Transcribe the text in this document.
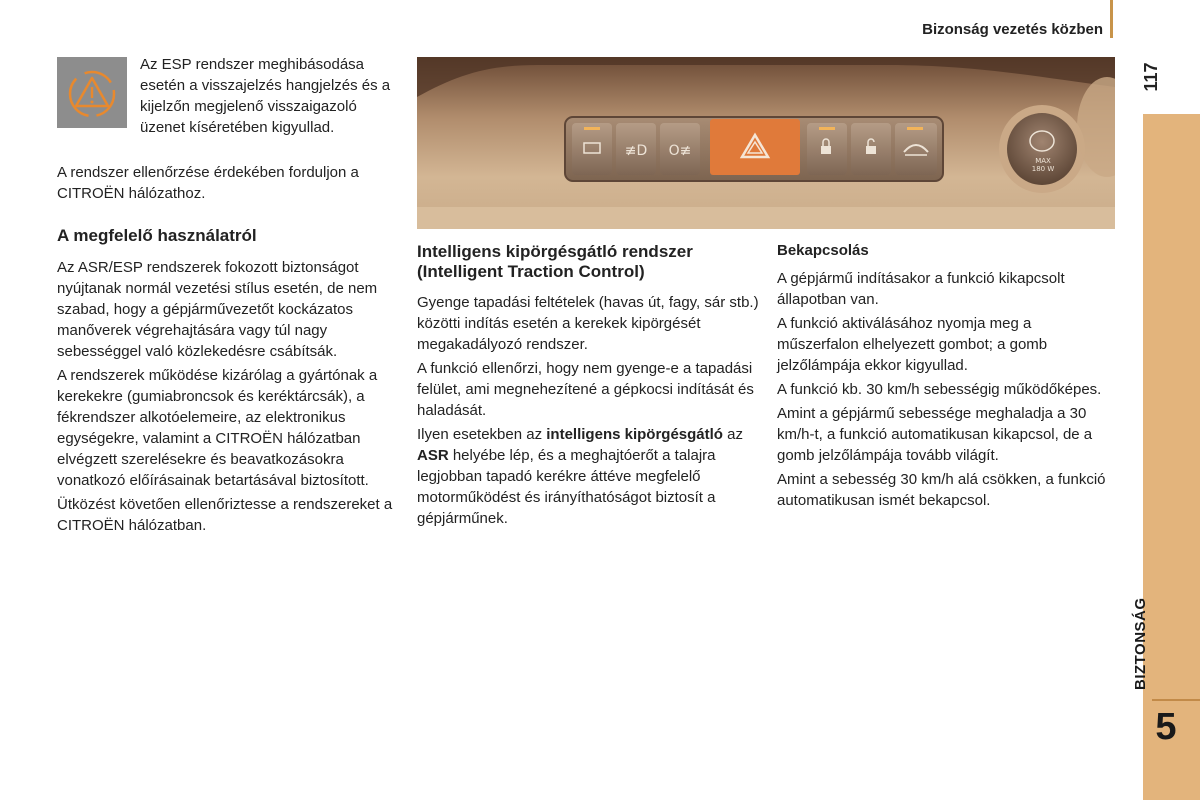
Bizonság vezetés közben
117
BIZTONSÁG
5
Az ESP rendszer meghibásodása esetén a visszajelzés hangjelzés és a kijelzőn megjelenő visszaigazoló üzenet kíséretében kigyullad.
A rendszer ellenőrzése érdekében forduljon a CITROËN hálózathoz.
A megfelelő használatról

Az ASR/ESP rendszerek fokozott biztonságot nyújtanak normál vezetési stílus esetén, de nem szabad, hogy a gépjárművezetőt kockázatos manőverek végrehajtására vagy túl nagy sebességgel való közlekedésre csábítsák.

A rendszerek működése kizárólag a gyártónak a kerekekre (gumiabroncsok és keréktárcsák), a fékrendszer alkotóelemeire, az elektronikus egységekre, valamint a CITROËN hálózatban elvégzett szerelésekre és beavatkozásokra vonatkozó előírásainak betartásával biztosított.

Ütközést követően ellenőriztesse a rendszereket a CITROËN hálózatban.

≢D O≢
MAX
180 W
Intelligens kipörgésgátló rendszer
(Intelligent Traction Control)

Gyenge tapadási feltételek (havas út, fagy, sár stb.) közötti indítás esetén a kerekek kipörgését megakadályozó rendszer.

A funkció ellenőrzi, hogy nem gyenge-e a tapadási felület, ami megnehezítené a gépkocsi indítását és haladását.

Ilyen esetekben az intelligens kipörgésgátló az ASR helyébe lép, és a meghajtóerőt a talajra legjobban tapadó kerékre áttéve megfelelő motorműködést és irányíthatóságot biztosít a gépjárműnek.

Bekapcsolás

A gépjármű indításakor a funkció kikapcsolt állapotban van.

A funkció aktiválásához nyomja meg a műszerfalon elhelyezett gombot; a gomb jelzőlámpája ekkor kigyullad.

A funkció kb. 30 km/h sebességig működőképes.

Amint a gépjármű sebessége meghaladja a 30 km/h-t, a funkció automatikusan kikapcsol, de a gomb jelzőlámpája tovább világít.

Amint a sebesség 30 km/h alá csökken, a funkció automatikusan ismét bekapcsol.
